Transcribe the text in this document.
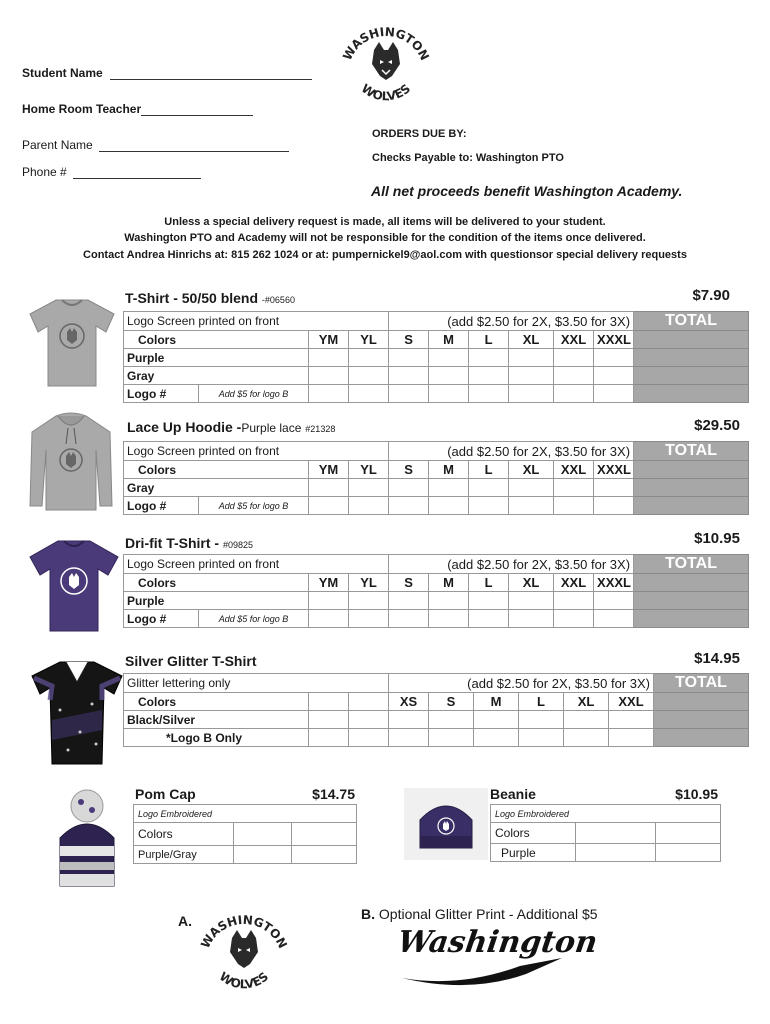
Student Name
Home Room Teacher
Parent Name
Phone #
WASHINGTON
WOLVES
ORDERS DUE BY:
Checks Payable to: Washington PTO
All net proceeds benefit Washington Academy.
Unless a special delivery request is made, all items will be delivered to your student.
Washington PTO and Academy will not be responsible for the condition of the items once delivered.
Contact Andrea Hinrichs at: 815 262 1024 or at: pumpernickel9@aol.com with questionsor special delivery requests
T-Shirt - 50/50 blend -#06560	$7.90
Logo Screen printed on front				(add $2.50 for 2X, $3.50 for 3X)						TOTAL
Colors		YM	YL	S	M	L	XL	XXL	XXXL	
Purple										
Gray										
Logo #	Add $5 for logo B									
Lace Up Hoodie -Purple lace #21328	$29.50
Logo Screen printed on front				(add $2.50 for 2X, $3.50 for 3X)						TOTAL
Colors		YM	YL	S	M	L	XL	XXL	XXXL	
Gray										
Logo #	Add $5 for logo B									
Dri-fit T-Shirt - #09825	$10.95
Logo Screen printed on front				(add $2.50 for 2X, $3.50 for 3X)						TOTAL
Colors		YM	YL	S	M	L	XL	XXL	XXXL	
Purple										
Logo #	Add $5 for logo B									
Silver Glitter T-Shirt	$14.95
Glitter lettering only			(add $2.50 for 2X, $3.50 for 3X)						TOTAL
Colors			XS	S	M	L	XL	XXL	
Black/Silver									
*Logo B Only									
Pom Cap	$14.75
Logo Embroidered		
Colors		
Purple/Gray		
Beanie	$10.95
Logo Embroidered		
Colors		
Purple		
A.
WASHINGTON
WOLVES
B. Optional Glitter Print - Additional $5
Washington
Wolves
